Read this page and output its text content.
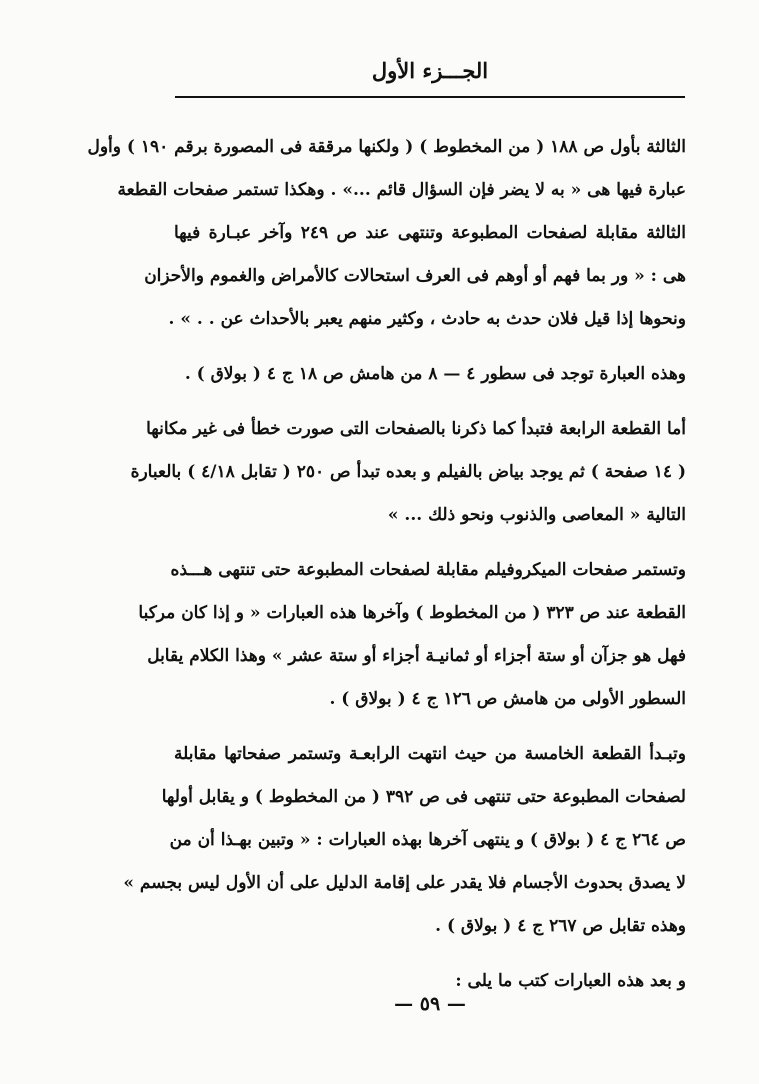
الجـــزء الأول
الثالثة بأول ص ١٨٨ ( من المخطوط ) ( ولكنها مرققة فى المصورة برقم ١٩٠ ) وأول
عبارة فيها هى « به لا يضر فإن السؤال قائم ...» . وهكذا تستمر صفحات القطعة
الثالثة مقابلة لصفحات المطبوعة وتنتهى عند ص ٢٤٩ وآخر عبـارة فيها
هى : « ور بما فهم أو أوهم فى العرف استحالات كالأمراض والغموم والأحزان
ونحوها إذا قيل فلان حدث به حادث ، وكثير منهم يعبر بالأحداث عن . . » .
وهذه العبارة توجد فى سطور ٤ — ٨ من هامش ص ١٨ ج ٤ ( بولاق ) .
أما القطعة الرابعة فتبدأ كما ذكرنا بالصفحات التى صورت خطأ فى غير مكانها
( ١٤ صفحة ) ثم يوجد بياض بالفيلم و بعده تبدأ ص ٢٥٠ ( تقابل ٤/١٨ ) بالعبارة
التالية « المعاصى والذنوب ونحو ذلك ... »
وتستمر صفحات الميكروفيلم مقابلة لصفحات المطبوعة حتى تنتهى هـــذه
القطعة عند ص ٣٢٣ ( من المخطوط ) وآخرها هذه العبارات « و إذا كان مركبا
فهل هو جزآن أو ستة أجزاء أو ثمانيـة أجزاء أو ستة عشر » وهذا الكلام يقابل
السطور الأولى من هامش ص ١٢٦ ج ٤ ( بولاق ) .
وتبـدأ القطعة الخامسة من حيث انتهت الرابعـة وتستمر صفحاتها مقابلة
لصفحات المطبوعة حتى تنتهى فى ص ٣٩٢ ( من المخطوط ) و يقابل أولها
ص ٢٦٤ ج ٤ ( بولاق ) و ينتهى آخرها بهذه العبارات : « وتبين بهـذا أن من
لا يصدق بحدوث الأجسام فلا يقدر على إقامة الدليل على أن الأول ليس بجسم »
وهذه تقابل ص ٢٦٧ ج ٤ ( بولاق ) .
و بعد هذه العبارات كتب ما يلى :
— ٥٩ —
